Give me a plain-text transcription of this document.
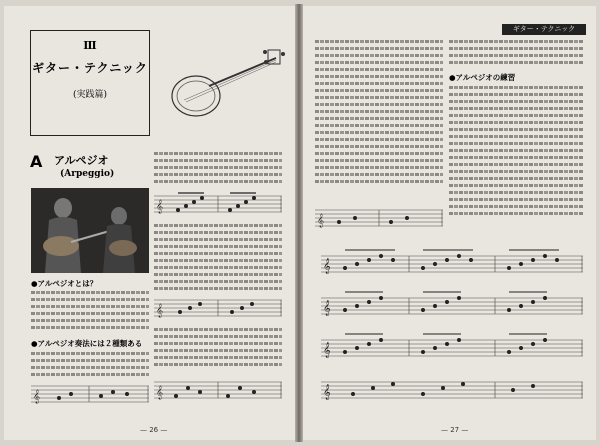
Ⅲ
ギター・テクニック
(実践篇)
A アルペジオ
(Arpeggio)
●アルペジオとは？
●アルペジオ奏法には２種類ある
𝄞
𝄞
𝄞
𝄞
— 26 —
ギター・テクニック
●アルペジオの練習
𝄞
𝄞
𝄞
𝄞
𝄞
— 27 —
